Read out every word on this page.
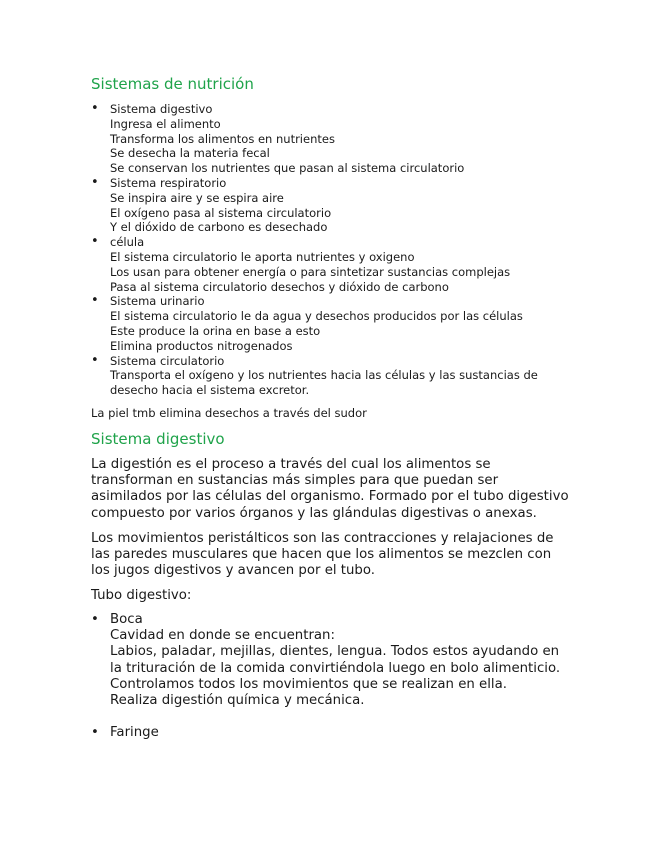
Sistemas de nutrición
• Sistema digestivo
Ingresa el alimento
Transforma los alimentos en nutrientes
Se desecha la materia fecal
Se conservan los nutrientes que pasan al sistema circulatorio
• Sistema respiratorio
Se inspira aire y se espira aire
El oxígeno pasa al sistema circulatorio
Y el dióxido de carbono es desechado
• célula
El sistema circulatorio le aporta nutrientes y oxigeno
Los usan para obtener energía o para sintetizar sustancias complejas
Pasa al sistema circulatorio desechos y dióxido de carbono
• Sistema urinario
El sistema circulatorio le da agua y desechos producidos por las células
Este produce la orina en base a esto
Elimina productos nitrogenados
• Sistema circulatorio
Transporta el oxígeno y los nutrientes hacia las células y las sustancias de
desecho hacia el sistema excretor.
La piel tmb elimina desechos a través del sudor
Sistema digestivo

La digestión es el proceso a través del cual los alimentos se transforman en sustancias más simples para que puedan ser asimilados por las células del organismo. Formado por el tubo digestivo compuesto por varios órganos y las glándulas digestivas o anexas.

Los movimientos peristálticos son las contracciones y relajaciones de las paredes musculares que hacen que los alimentos se mezclen con los jugos digestivos y avancen por el tubo.

Tubo digestivo:

• Boca
Cavidad en donde se encuentran:
Labios, paladar, mejillas, dientes, lengua. Todos estos ayudando en la trituración de la comida convirtiéndola luego en bolo alimenticio.
Controlamos todos los movimientos que se realizan en ella.
Realiza digestión química y mecánica.
• Faringe
